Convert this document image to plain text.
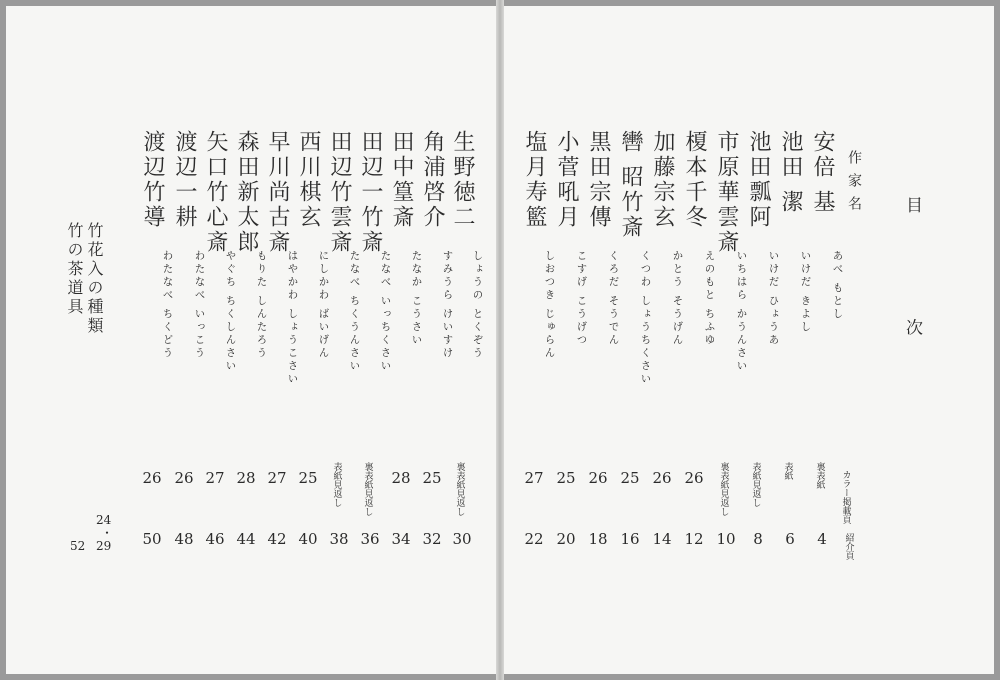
目 次
作家名
カラー掲載頁
紹介頁
安倍 基
あべ もとし
裏表紙
4
池田 潔
いけだ きよし
表紙
6
池田瓢阿
いけだ ひょうあ
表紙見返し
8
市原華雲斎
いちはら かうんさい
裏表紙見返し
10
榎本千冬
えのもと ちふゆ
26
12
加藤宗玄
かとう そうげん
26
14
轡 昭竹斎
くつわ しょうちくさい
25
16
黒田宗傳
くろだ そうでん
26
18
小菅吼月
こすげ こうげつ
25
20
塩月寿籃
しおつき じゅらん
27
22
生野徳二
しょうの とくぞう
裏表紙見返し
30
角浦啓介
すみうら けいすけ
25
32
田中篁斎
たなか こうさい
28
34
田辺一竹斎
たなべ いっちくさい
裏表紙見返し
36
田辺竹雲斎
たなべ ちくうんさい
表紙見返し
38
西川棋玄
にしかわ ばいげん
25
40
早川尚古斎
はやかわ しょうこさい
27
42
森田新太郎
もりた しんたろう
28
44
矢口竹心斎
やぐち ちくしんさい
27
46
渡辺一耕
わたなべ いっこう
26
48
渡辺竹導
わたなべ ちくどう
26
50
竹花入の種類
竹の茶道具
24
・
29
52
